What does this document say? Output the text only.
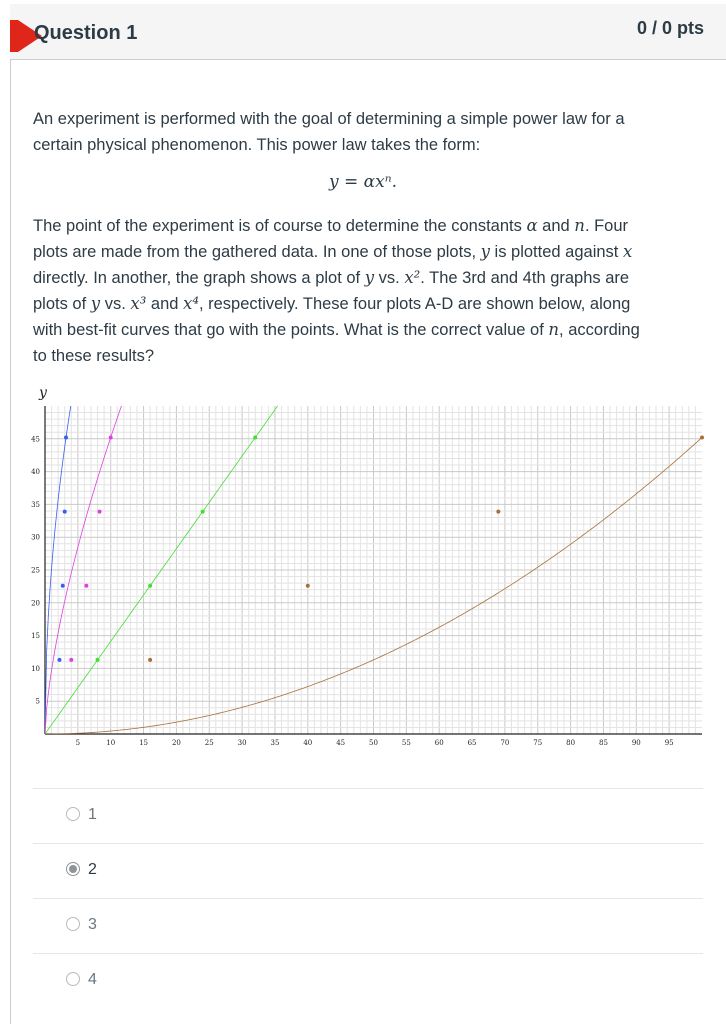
Question 1	0 / 0 pts
An experiment is performed with the goal of determining a simple power law for a
certain physical phenomenon. This power law takes the form:
y = αxⁿ.
The point of the experiment is of course to determine the constants α and n. Four
plots are made from the gathered data. In one of those plots, y is plotted against x
directly. In another, the graph shows a plot of y vs. x². The 3rd and 4th graphs are
plots of y vs. x³ and x⁴, respectively. These four plots A-D are shown below, along
with best-fit curves that go with the points. What is the correct value of n, according
to these results?
5	10	15	20	25	30	35	40	45	50	55	60	65	70	75	80	85	90	95
5
10
15
20
25
30
35
40
45
y
1
2
3
4
